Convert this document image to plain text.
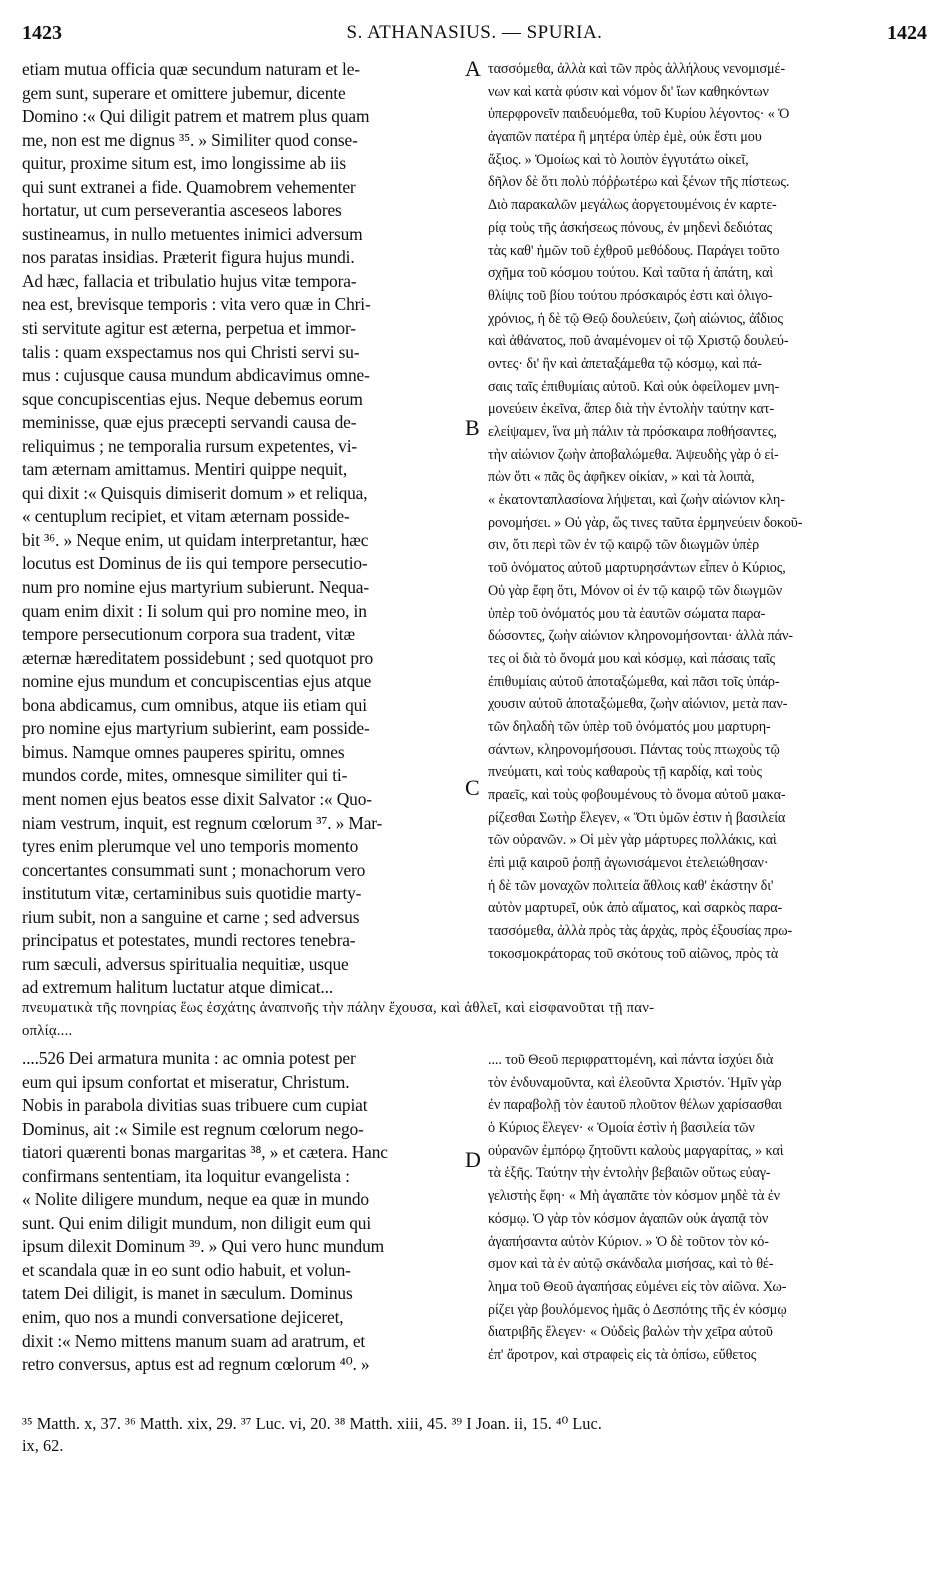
1423	S. ATHANASIUS. — SPURIA.	1424
etiam mutua officia quæ secundum naturam et le-
gem sunt, superare et omittere jubemur, dicente
Domino :« Qui diligit patrem et matrem plus quam
me, non est me dignus ³⁵. » Similiter quod conse-
quitur, proxime situm est, imo longissime ab iis
qui sunt extranei a fide. Quamobrem vehementer
hortatur, ut cum perseverantia asceseos labores
sustineamus, in nullo metuentes inimici adversum
nos paratas insidias. Præterit figura hujus mundi.
Ad hæc, fallacia et tribulatio hujus vitæ tempora-
nea est, brevisque temporis : vita vero quæ in Chri-
sti servitute agitur est æterna, perpetua et immor-
talis : quam exspectamus nos qui Christi servi su-
mus : cujusque causa mundum abdicavimus omne-
sque concupiscentias ejus. Neque debemus eorum
meminisse, quæ ejus præcepti servandi causa de-
reliquimus ; ne temporalia rursum expetentes, vi-
tam æternam amittamus. Mentiri quippe nequit,
qui dixit :« Quisquis dimiserit domum » et reliqua,
« centuplum recipiet, et vitam æternam posside-
bit ³⁶. » Neque enim, ut quidam interpretantur, hæc
locutus est Dominus de iis qui tempore persecutio-
num pro nomine ejus martyrium subierunt. Nequa-
quam enim dixit : Ii solum qui pro nomine meo, in
tempore persecutionum corpora sua tradent, vitæ
æternæ hæreditatem possidebunt ; sed quotquot pro
nomine ejus mundum et concupiscentias ejus atque
bona abdicamus, cum omnibus, atque iis etiam qui
pro nomine ejus martyrium subierint, eam posside-
bimus. Namque omnes pauperes spiritu, omnes
mundos corde, mites, omnesque similiter qui ti-
ment nomen ejus beatos esse dixit Salvator :« Quo-
niam vestrum, inquit, est regnum cœlorum ³⁷. » Mar-
tyres enim plerumque vel uno temporis momento
concertantes consummati sunt ; monachorum vero
institutum vitæ, certaminibus suis quotidie marty-
rium subit, non a sanguine et carne ; sed adversus
principatus et potestates, mundi rectores tenebra-
rum sæculi, adversus spiritualia nequitiæ, usque
ad extremum halitum luctatur atque dimicat...
τασσόμεθα, ἀλλὰ καὶ τῶν πρὸς ἀλλήλους νενομισμέ-
νων καὶ κατὰ φύσιν καὶ νόμον δι' ἴων καθηκόντων
ὑπερφρονεῖν παιδευόμεθα, τοῦ Κυρίου λέγοντος· « Ὁ
ἀγαπῶν πατέρα ἢ μητέρα ὑπὲρ ἐμὲ, οὐκ ἔστι μου
ἄξιος. » Ὁμοίως καὶ τὸ λοιπὸν ἐγγυτάτω οἰκεῖ,
δῆλον δὲ ὅτι πολὺ πόῤῥωτέρω καὶ ξένων τῆς πίστεως.
Διὸ παρακαλῶν μεγάλως ἀοργετουμένοις ἐν καρτε-
ρίᾳ τοὺς τῆς ἀσκήσεως πόνους, ἐν μηδενὶ δεδιότας
τὰς καθ' ἡμῶν τοῦ ἐχθροῦ μεθόδους. Παράγει τοῦτο
σχῆμα τοῦ κόσμου τούτου. Καὶ ταῦτα ἡ ἀπάτη, καὶ
θλίψις τοῦ βίου τούτου πρόσκαιρός ἐστι καὶ ὀλιγο-
χρόνιος, ἡ δὲ τῷ Θεῷ δουλεύειν, ζωὴ αἰώνιος, ἀΐδιος
καὶ ἀθάνατος, ποῦ ἀναμένομεν οἱ τῷ Χριστῷ δουλεύ-
οντες· δι' ἣν καὶ ἀπεταξάμεθα τῷ κόσμῳ, καὶ πά-
σαις ταῖς ἐπιθυμίαις αὐτοῦ. Καὶ οὐκ ὀφείλομεν μνη-
μονεύειν ἐκεῖνα, ἅπερ διὰ τὴν ἐντολὴν ταύτην κατ-
ελείψαμεν, ἵνα μὴ πάλιν τὰ πρόσκαιρα ποθήσαντες,
τὴν αἰώνιον ζωὴν ἀποβαλώμεθα. Ἀψευδὴς γὰρ ὁ εἰ-
πὼν ὅτι « πᾶς ὃς ἀφῆκεν οἰκίαν, » καὶ τὰ λοιπὰ,
« ἑκατονταπλασίονα λήψεται, καὶ ζωὴν αἰώνιον κλη-
ρονομήσει. » Οὐ γὰρ, ὥς τινες ταῦτα ἑρμηνεύειν δοκοῦ-
σιν, ὅτι περὶ τῶν ἐν τῷ καιρῷ τῶν διωγμῶν ὑπὲρ
τοῦ ὀνόματος αὐτοῦ μαρτυρησάντων εἶπεν ὁ Κύριος,
Οὐ γὰρ ἔφη ὅτι, Μόνον οἱ ἐν τῷ καιρῷ τῶν διωγμῶν
ὑπὲρ τοῦ ὀνόματός μου τὰ ἑαυτῶν σώματα παρα-
δώσοντες, ζωὴν αἰώνιον κληρονομήσονται· ἀλλὰ πάν-
τες οἱ διὰ τὸ ὄνομά μου καὶ κόσμῳ, καὶ πάσαις ταῖς
ἐπιθυμίαις αὐτοῦ ἀποταξώμεθα, καὶ πᾶσι τοῖς ὑπάρ-
χουσιν αὐτοῦ ἀποταξώμεθα, ζωὴν αἰώνιον, μετὰ παν-
τῶν δηλαδὴ τῶν ὑπὲρ τοῦ ὀνόματός μου μαρτυρη-
σάντων, κληρονομήσουσι. Πάντας τοὺς πτωχοὺς τῷ
πνεύματι, καὶ τοὺς καθαροὺς τῇ καρδίᾳ, καὶ τοὺς
πραεῖς, καὶ τοὺς φοβουμένους τὸ ὄνομα αὐτοῦ μακα-
ρίζεσθαι Σωτὴρ ἔλεγεν, « Ὅτι ὑμῶν ἐστιν ἡ βασιλεία
τῶν οὐρανῶν. » Οἱ μὲν γὰρ μάρτυρες πολλάκις, καὶ
ἐπὶ μιᾷ καιροῦ ῥοπῇ ἀγωνισάμενοι ἐτελειώθησαν·
ἡ δὲ τῶν μοναχῶν πολιτεία ἄθλοις καθ' ἑκάστην δι'
αὐτὸν μαρτυρεῖ, οὐκ ἀπὸ αἵματος, καὶ σαρκὸς παρα-
τασσόμεθα, ἀλλὰ πρὸς τὰς ἀρχὰς, πρὸς ἐξουσίας πρω-
τοκοσμοκράτορας τοῦ σκότους τοῦ αἰῶνος, πρὸς τὰ
A
B
C
D
πνευματικὰ τῆς πονηρίας ἕως ἐσχάτης ἀναπνοῆς τὴν πάλην ἔχουσα, καὶ ἀθλεῖ, καὶ εἰσφανοῦται τῇ παν-
οπλίᾳ....
....526 Dei armatura munita : ac omnia potest per
eum qui ipsum confortat et miseratur, Christum.
Nobis in parabola divitias suas tribuere cum cupiat
Dominus, ait :« Simile est regnum cœlorum nego-
tiatori quærenti bonas margaritas ³⁸, » et cætera. Hanc
confirmans sententiam, ita loquitur evangelista :
« Nolite diligere mundum, neque ea quæ in mundo
sunt. Qui enim diligit mundum, non diligit eum qui
ipsum dilexit Dominum ³⁹. » Qui vero hunc mundum
et scandala quæ in eo sunt odio habuit, et volun-
tatem Dei diligit, is manet in sæculum. Dominus
enim, quo nos a mundi conversatione dejiceret,
dixit :« Nemo mittens manum suam ad aratrum, et
retro conversus, aptus est ad regnum cœlorum ⁴⁰. »
.... τοῦ Θεοῦ περιφραττομένη, καὶ πάντα ἰσχύει διὰ
τὸν ἐνδυναμοῦντα, καὶ ἐλεοῦντα Χριστόν. Ἡμῖν γὰρ
ἐν παραβολῇ τὸν ἑαυτοῦ πλοῦτον θέλων χαρίσασθαι
ὁ Κύριος ἔλεγεν· « Ὁμοία ἐστὶν ἡ βασιλεία τῶν
οὐρανῶν ἐμπόρῳ ζητοῦντι καλοὺς μαργαρίτας, » καὶ
τὰ ἑξῆς. Ταύτην τὴν ἐντολὴν βεβαιῶν οὕτως εὐαγ-
γελιστὴς ἔφη· « Μὴ ἀγαπᾶτε τὸν κόσμον μηδὲ τὰ ἐν
κόσμῳ. Ὁ γὰρ τὸν κόσμον ἀγαπῶν οὐκ ἀγαπᾷ τὸν
ἀγαπήσαντα αὐτὸν Κύριον. » Ὁ δὲ τοῦτον τὸν κό-
σμον καὶ τὰ ἐν αὐτῷ σκάνδαλα μισήσας, καὶ τὸ θέ-
λημα τοῦ Θεοῦ ἀγαπήσας εὐμένει εἰς τὸν αἰῶνα. Χω-
ρίζει γὰρ βουλόμενος ἡμᾶς ὁ Δεσπότης τῆς ἐν κόσμῳ
διατριβῆς ἔλεγεν· « Οὐδεὶς βαλὼν τὴν χεῖρα αὐτοῦ
ἐπ' ἄροτρον, καὶ στραφεὶς εἰς τὰ ὀπίσω, εὔθετος
³⁵ Matth. x, 37. ³⁶ Matth. xix, 29. ³⁷ Luc. vi, 20. ³⁸ Matth. xiii, 45. ³⁹ I Joan. ii, 15. ⁴⁰ Luc.
ix, 62.
